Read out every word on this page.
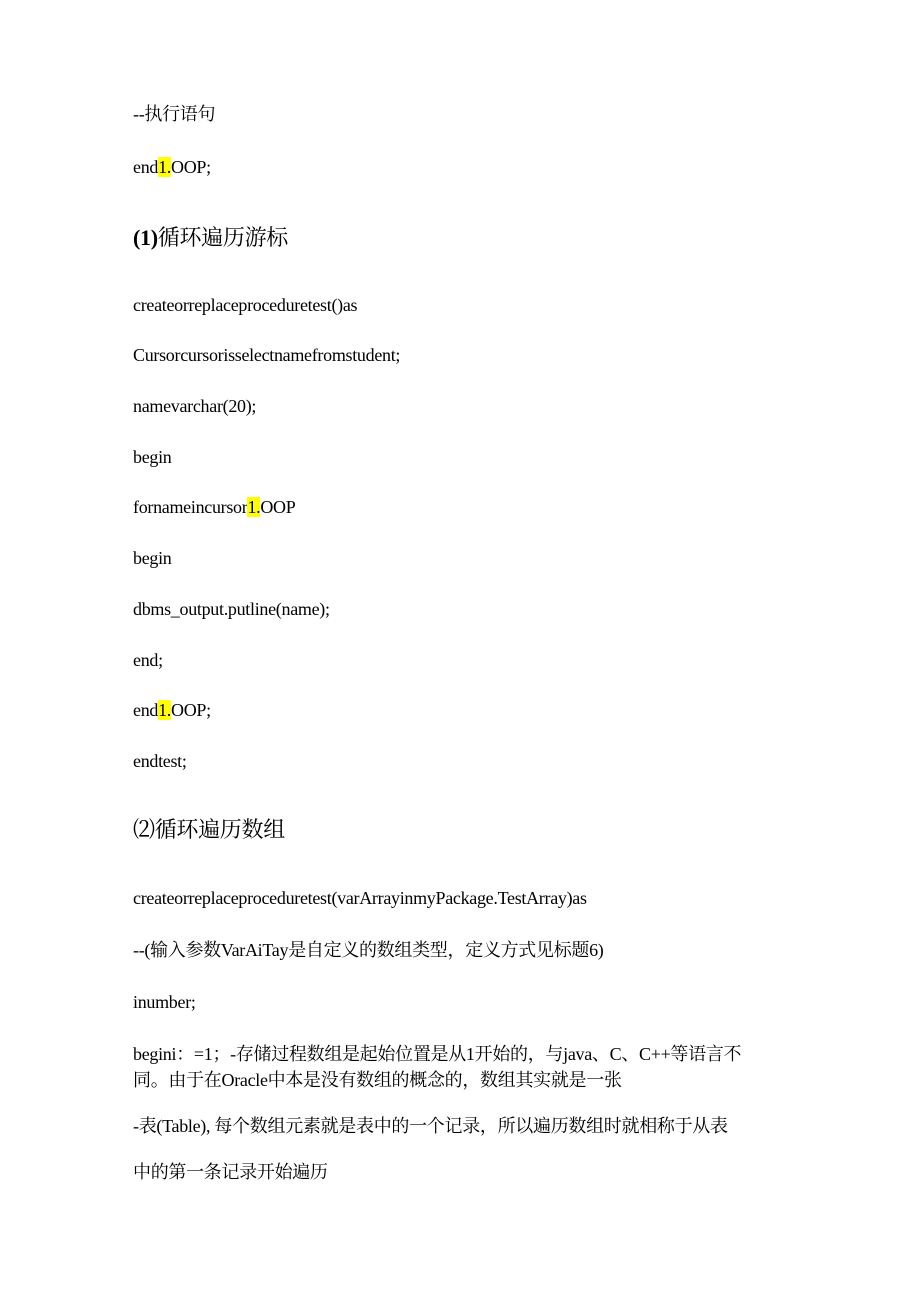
--执行语句
end1.OOP;
(1)循环遍历游标
createorreplaceproceduretest()as
Cursorcursorisselectnamefromstudent;
namevarchar(20);
begin
fornameincursor1.OOP
begin
dbms_output.putline(name);
end;
end1.OOP;
endtest;
⑵循环遍历数组
createorreplaceproceduretest(varArrayinmyPackage.TestArray)as
--(输入参数VarAiTay是自定义的数组类型，定义方式见标题6)
inumber;
begini：=1；-存储过程数组是起始位置是从1开始的，与java、C、C++等语言不
同。由于在Oracle中本是没有数组的概念的，数组其实就是一张
-表(Table), 每个数组元素就是表中的一个记录，所以遍历数组时就相称于从表
中的第一条记录开始遍历
